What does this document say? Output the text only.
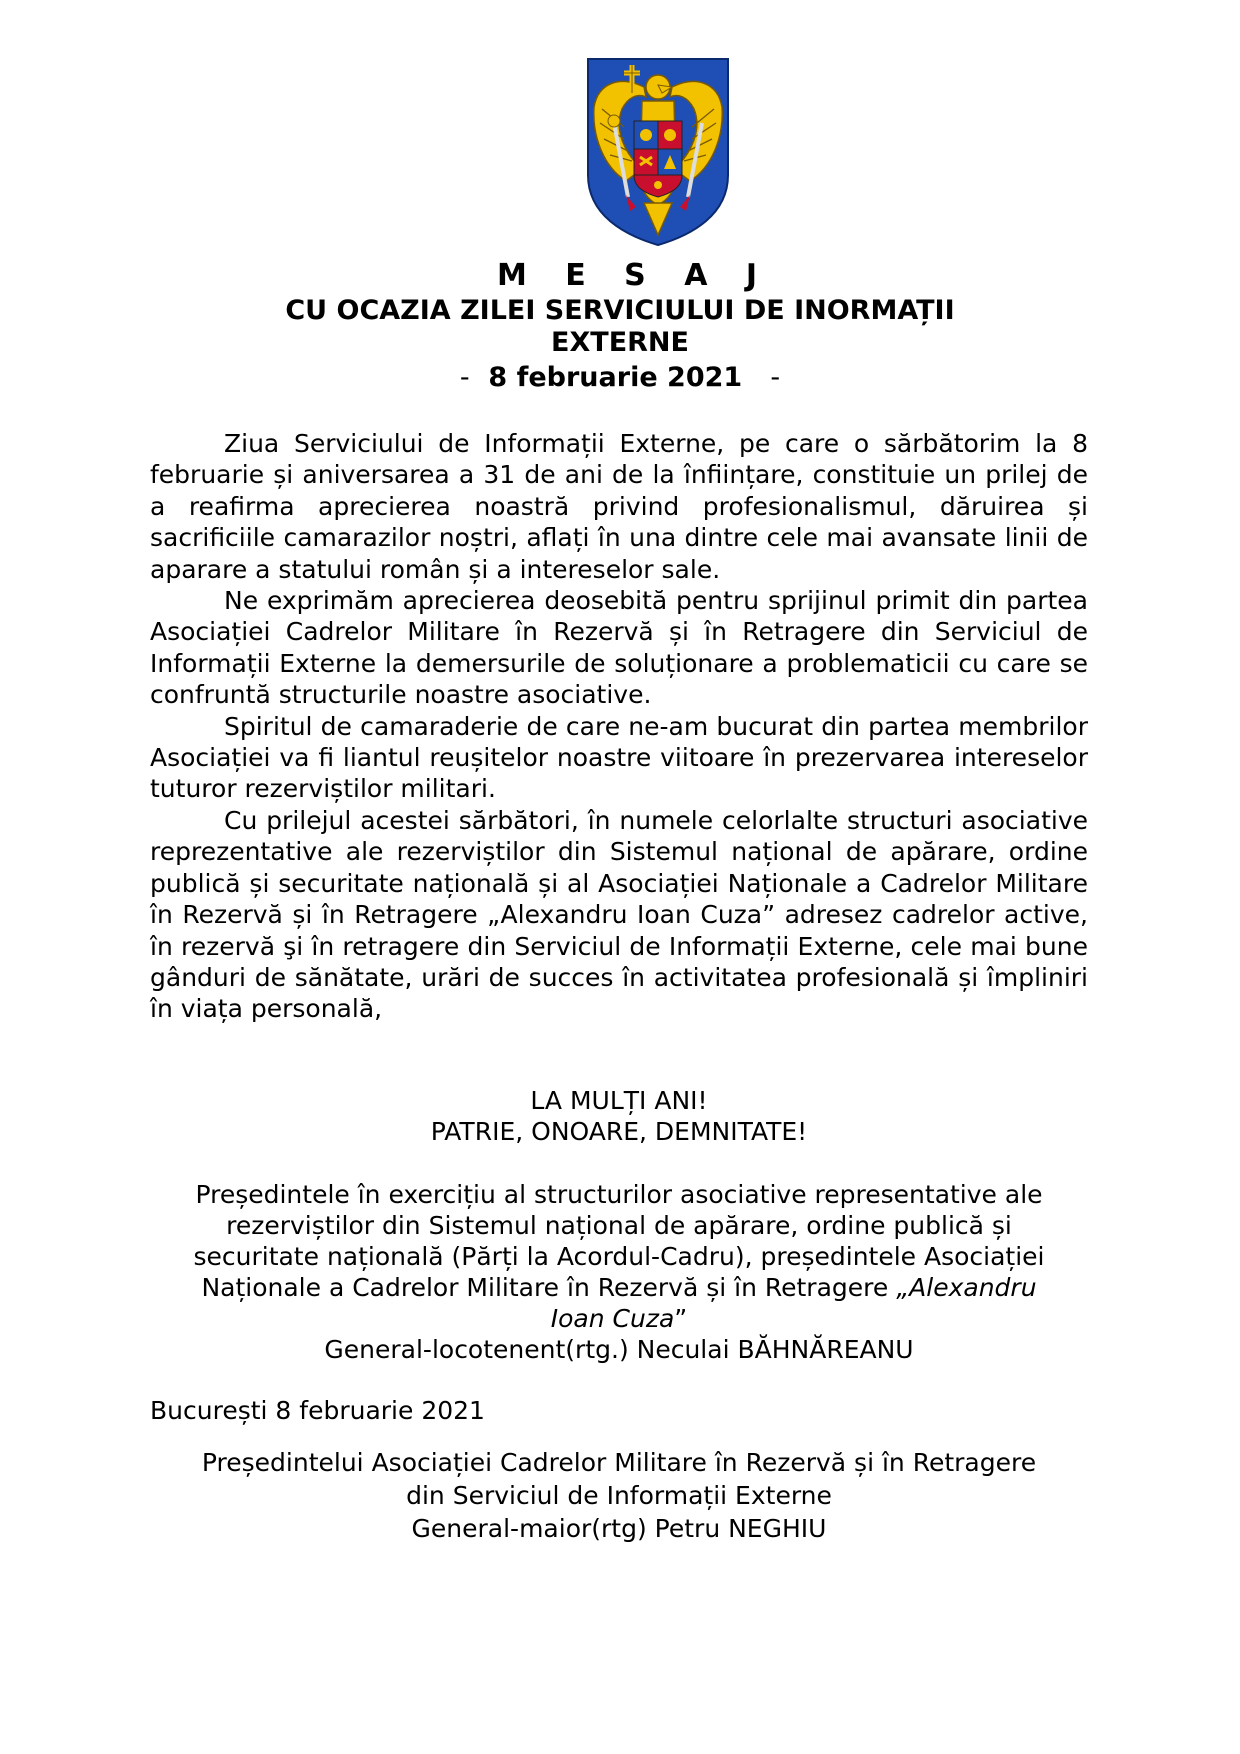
M E S A J
CU OCAZIA ZILEI SERVICIULUI DE INORMAȚII
EXTERNE
- 8 februarie 2021 -

Ziua Serviciului de Informații Externe, pe care o sărbătorim la 8 februarie și aniversarea a 31 de ani de la înființare, constituie un prilej de a reafirma aprecierea noastră privind profesionalismul, dăruirea și sacrificiile camarazilor noștri, aflați în una dintre cele mai avansate linii de aparare a statului român și a intereselor sale.

Ne exprimăm aprecierea deosebită pentru sprijinul primit din partea Asociației Cadrelor Militare în Rezervă și în Retragere din Serviciul de Informații Externe la demersurile de soluționare a problematicii cu care se confruntă structurile noastre asociative.

Spiritul de camaraderie de care ne-am bucurat din partea membrilor Asociației va fi liantul reușitelor noastre viitoare în prezervarea intereselor tuturor rezerviștilor militari.

Cu prilejul acestei sărbători, în numele celorlalte structuri asociative reprezentative ale rezerviștilor din Sistemul național de apărare, ordine publică și securitate națională și al Asociației Naționale a Cadrelor Militare în Rezervă și în Retragere „Alexandru Ioan Cuza” adresez cadrelor active, în rezervă şi în retragere din Serviciul de Informații Externe, cele mai bune gânduri de sănătate, urări de succes în activitatea profesională și împliniri în viața personală,

LA MULȚI ANI!
PATRIE, ONOARE, DEMNITATE!
Președintele în exercițiu al structurilor asociative representative ale
rezerviștilor din Sistemul național de apărare, ordine publică și
securitate națională (Părți la Acordul-Cadru), președintele Asociației
Naționale a Cadrelor Militare în Rezervă și în Retragere „Alexandru
Ioan Cuza”
General-locotenent(rtg.) Neculai BĂHNĂREANU
București 8 februarie 2021
Președintelui Asociației Cadrelor Militare în Rezervă și în Retragere
din Serviciul de Informații Externe
General-maior(rtg) Petru NEGHIU
